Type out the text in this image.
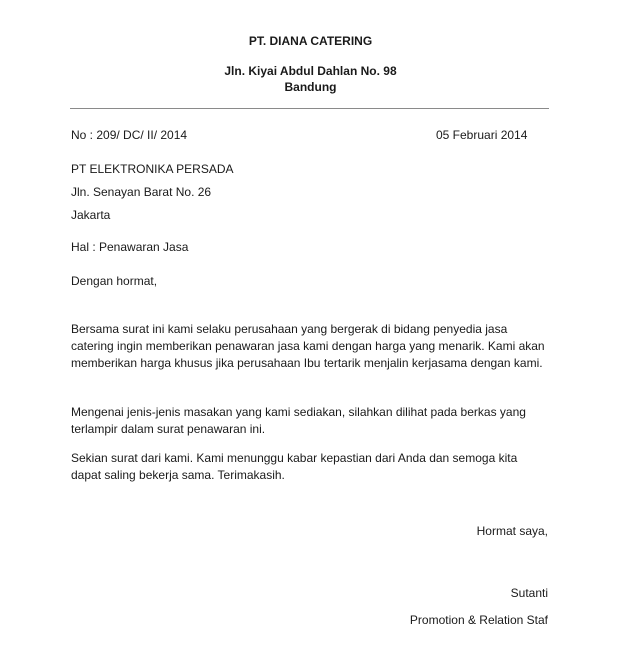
PT. DIANA CATERING
Jln. Kiyai Abdul Dahlan No. 98
Bandung
No : 209/ DC/ II/ 2014	05 Februari 2014
PT ELEKTRONIKA PERSADA
Jln. Senayan Barat No. 26
Jakarta
Hal : Penawaran Jasa
Dengan hormat,
Bersama surat ini kami selaku perusahaan yang bergerak di bidang penyedia jasa catering ingin memberikan penawaran jasa kami dengan harga yang menarik. Kami akan memberikan harga khusus jika perusahaan Ibu tertarik menjalin kerjasama dengan kami.
Mengenai jenis-jenis masakan yang kami sediakan, silahkan dilihat pada berkas yang terlampir dalam surat penawaran ini.
Sekian surat dari kami. Kami menunggu kabar kepastian dari Anda dan semoga kita dapat saling bekerja sama. Terimakasih.
Hormat saya,
Sutanti
Promotion & Relation Staf
